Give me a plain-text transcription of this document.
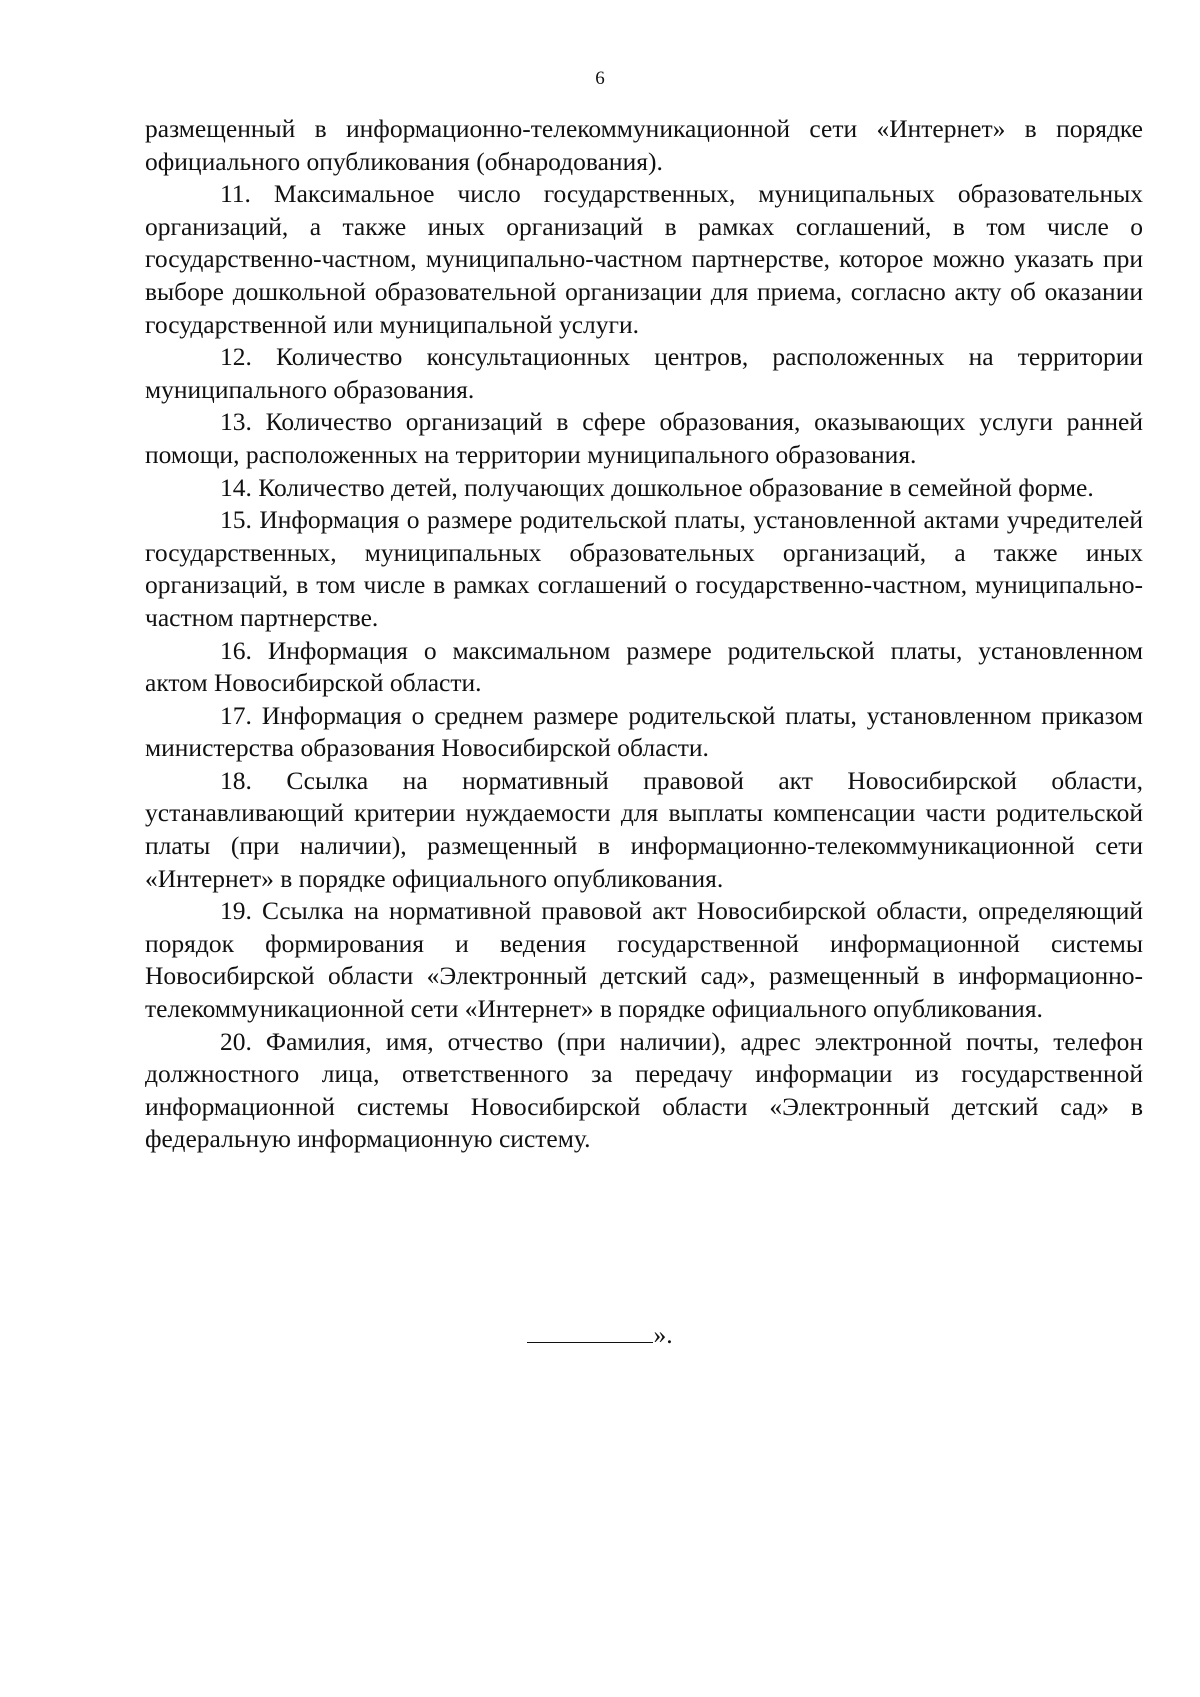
6

размещенный в информационно-телекоммуникационной сети «Интернет» в порядке официального опубликования (обнародования).

11. Максимальное число государственных, муниципальных образовательных организаций, а также иных организаций в рамках соглашений, в том числе о государственно-частном, муниципально-частном партнерстве, которое можно указать при выборе дошкольной образовательной организации для приема, согласно акту об оказании государственной или муниципальной услуги.

12. Количество консультационных центров, расположенных на территории муниципального образования.

13. Количество организаций в сфере образования, оказывающих услуги ранней помощи, расположенных на территории муниципального образования.

14. Количество детей, получающих дошкольное образование в семейной форме.

15. Информация о размере родительской платы, установленной актами учредителей государственных, муниципальных образовательных организаций, а также иных организаций, в том числе в рамках соглашений о государственно-частном, муниципально-частном партнерстве.

16. Информация о максимальном размере родительской платы, установленном актом Новосибирской области.

17. Информация о среднем размере родительской платы, установленном приказом министерства образования Новосибирской области.

18. Ссылка на нормативный правовой акт Новосибирской области, устанавливающий критерии нуждаемости для выплаты компенсации части родительской платы (при наличии), размещенный в информационно-телекоммуникационной сети «Интернет» в порядке официального опубликования.

19. Ссылка на нормативной правовой акт Новосибирской области, определяющий порядок формирования и ведения государственной информационной системы Новосибирской области «Электронный детский сад», размещенный в информационно-телекоммуникационной сети «Интернет» в порядке официального опубликования.

20. Фамилия, имя, отчество (при наличии), адрес электронной почты, телефон должностного лица, ответственного за передачу информации из государственной информационной системы Новосибирской области «Электронный детский сад» в федеральную информационную систему.

».
